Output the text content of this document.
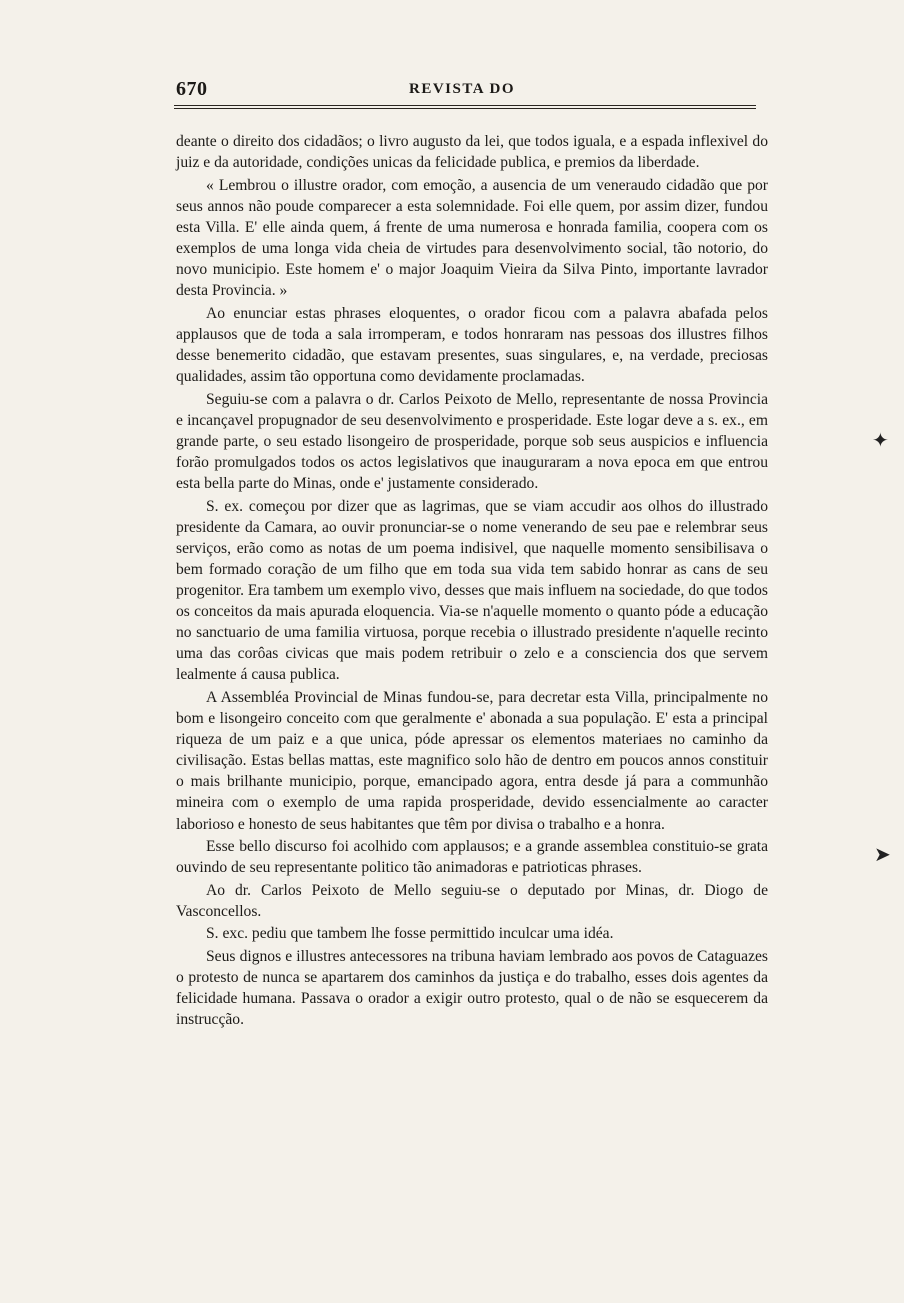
670	REVISTA DO

deante o direito dos cidadãos; o livro augusto da lei, que todos iguala, e a espada inflexivel do juiz e da autoridade, condições unicas da felicidade publica, e premios da liberdade.

« Lembrou o illustre orador, com emoção, a ausencia de um veneraudo cidadão que por seus annos não poude comparecer a esta solemnidade. Foi elle quem, por assim dizer, fundou esta Villa. E' elle ainda quem, á frente de uma numerosa e honrada familia, coopera com os exemplos de uma longa vida cheia de virtudes para desenvolvimento social, tão notorio, do novo municipio. Este homem e' o major Joaquim Vieira da Silva Pinto, importante lavrador desta Provincia. »

Ao enunciar estas phrases eloquentes, o orador ficou com a palavra abafada pelos applausos que de toda a sala irromperam, e todos honraram nas pessoas dos illustres filhos desse benemerito cidadão, que estavam presentes, suas singulares, e, na verdade, preciosas qualidades, assim tão opportuna como devidamente proclamadas.

Seguiu-se com a palavra o dr. Carlos Peixoto de Mello, representante de nossa Provincia e incançavel propugnador de seu desenvolvimento e prosperidade. Este logar deve a s. ex., em grande parte, o seu estado lisongeiro de prosperidade, porque sob seus auspicios e influencia forão promulgados todos os actos legislativos que inauguraram a nova epoca em que entrou esta bella parte do Minas, onde e' justamente considerado.

S. ex. começou por dizer que as lagrimas, que se viam accudir aos olhos do illustrado presidente da Camara, ao ouvir pronunciar-se o nome venerando de seu pae e relembrar seus serviços, erão como as notas de um poema indisivel, que naquelle momento sensibilisava o bem formado coração de um filho que em toda sua vida tem sabido honrar as cans de seu progenitor. Era tambem um exemplo vivo, desses que mais influem na sociedade, do que todos os conceitos da mais apurada eloquencia. Via-se n'aquelle momento o quanto póde a educação no sanctuario de uma familia virtuosa, porque recebia o illustrado presidente n'aquelle recinto uma das corôas civicas que mais podem retribuir o zelo e a consciencia dos que servem lealmente á causa publica.

A Assembléa Provincial de Minas fundou-se, para decretar esta Villa, principalmente no bom e lisongeiro conceito com que geralmente e' abonada a sua população. E' esta a principal riqueza de um paiz e a que unica, póde apressar os elementos materiaes no caminho da civilisação. Estas bellas mattas, este magnifico solo hão de dentro em poucos annos constituir o mais brilhante municipio, porque, emancipado agora, entra desde já para a communhão mineira com o exemplo de uma rapida prosperidade, devido essencialmente ao caracter laborioso e honesto de seus habitantes que têm por divisa o trabalho e a honra.

Esse bello discurso foi acolhido com applausos; e a grande assemblea constituio-se grata ouvindo de seu representante politico tão animadoras e patrioticas phrases.

Ao dr. Carlos Peixoto de Mello seguiu-se o deputado por Minas, dr. Diogo de Vasconcellos.

S. exc. pediu que tambem lhe fosse permittido inculcar uma idéa.

Seus dignos e illustres antecessores na tribuna haviam lembrado aos povos de Cataguazes o protesto de nunca se apartarem dos caminhos da justiça e do trabalho, esses dois agentes da felicidade humana. Passava o orador a exigir outro protesto, qual o de não se esquecerem da instrucção.

✦
➤
